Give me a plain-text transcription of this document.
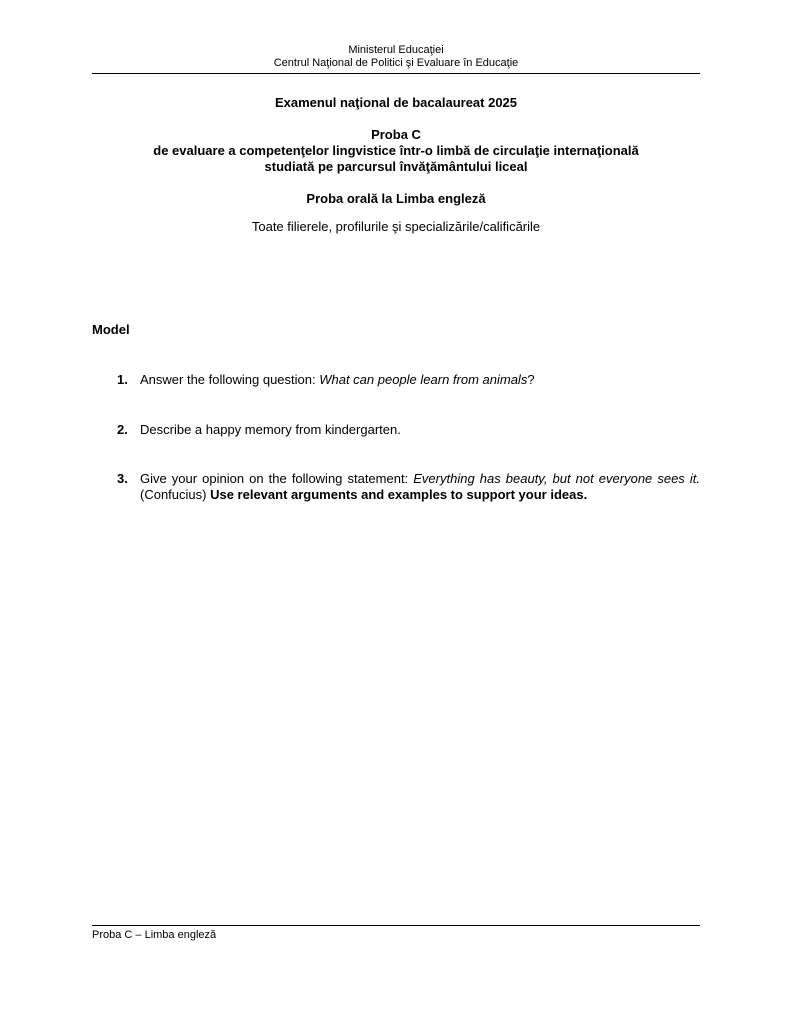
Ministerul Educaţiei
Centrul Naţional de Politici şi Evaluare în Educaţie
Examenul naţional de bacalaureat 2025
Proba C
de evaluare a competenţelor lingvistice într-o limbă de circulaţie internaţională
studiată pe parcursul învăţământului liceal
Proba orală la Limba engleză
Toate filierele, profilurile şi specializările/calificările
Model
1. Answer the following question: What can people learn from animals?
2. Describe a happy memory from kindergarten.
3. Give your opinion on the following statement: Everything has beauty, but not everyone sees it. (Confucius) Use relevant arguments and examples to support your ideas.
Proba C – Limba engleză
